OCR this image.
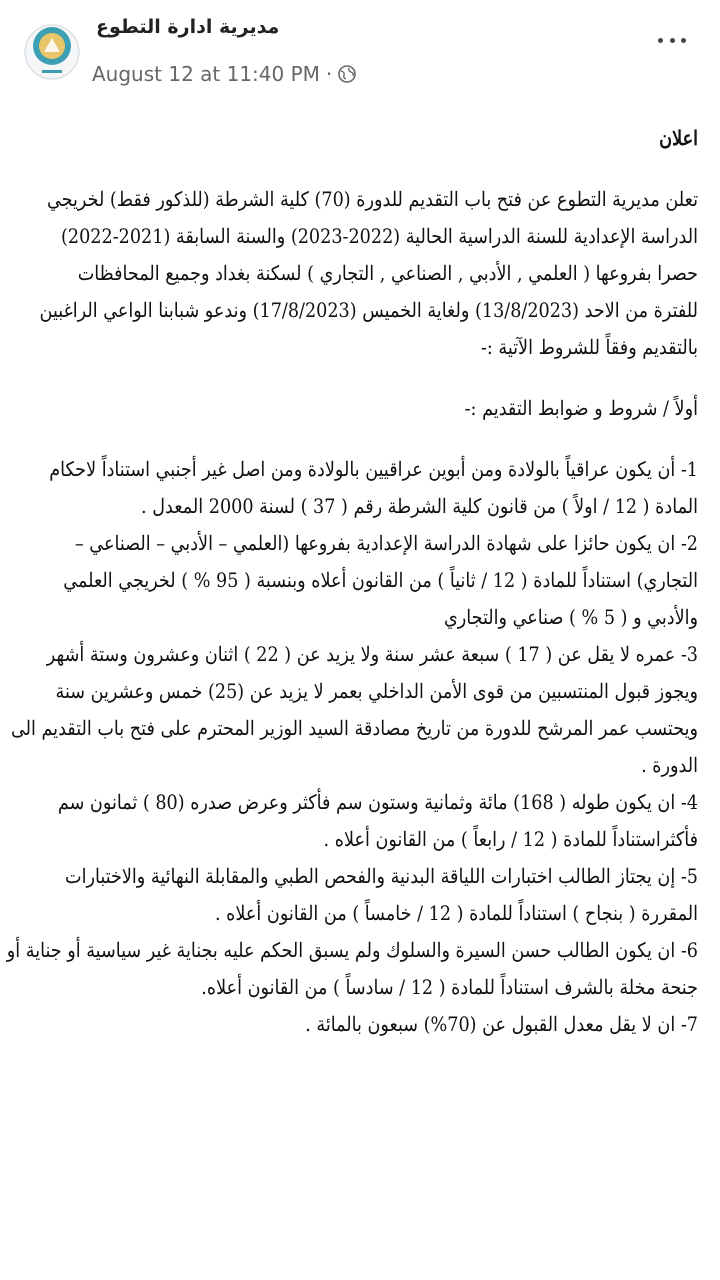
مديرية ادارة التطوع
August 12 at 11:40 PM ·
اعلان
تعلن مديرية التطوع عن فتح باب التقديم للدورة (70) كلية الشرطة (للذكور فقط) لخريجي
الدراسة الإعدادية للسنة الدراسية الحالية (2022-2023) والسنة السابقة (2021-2022)
حصرا بفروعها ( العلمي , الأدبي , الصناعي , التجاري ) لسكنة بغداد وجميع المحافظات
للفترة من الاحد (13/8/2023) ولغاية الخميس (17/8/2023) وندعو شبابنا الواعي الراغبين
بالتقديم وفقاً للشروط الآتية :-
أولاً / شروط و ضوابط التقديم :-
1- أن يكون عراقياً بالولادة ومن أبوين عراقيين بالولادة ومن اصل غير أجنبي استناداً لاحكام
المادة ( 12 / اولاً ) من قانون كلية الشرطة رقم ( 37 ) لسنة 2000 المعدل .
2- ان يكون حائزا على شهادة الدراسة الإعدادية بفروعها (العلمي – الأدبي – الصناعي –
التجاري) استناداً للمادة ( 12 / ثانياً ) من القانون أعلاه وبنسبة ( 95 % ) لخريجي العلمي
والأدبي و ( 5 % ) صناعي والتجاري
3- عمره لا يقل عن ( 17 ) سبعة عشر سنة ولا يزيد عن ( 22 ) اثنان وعشرون وستة أشهر
ويجوز قبول المنتسبين من قوى الأمن الداخلي بعمر لا يزيد عن (25) خمس وعشرين سنة
ويحتسب عمر المرشح للدورة من تاريخ مصادقة السيد الوزير المحترم على فتح باب التقديم الى
الدورة .
4- ان يكون طوله ( 168) مائة وثمانية وستون سم فأكثر وعرض صدره (80 ) ثمانون سم
فأكثراستناداً للمادة ( 12 / رابعاً ) من القانون أعلاه .
5- إن يجتاز الطالب اختبارات اللياقة البدنية والفحص الطبي والمقابلة النهائية والاختبارات
المقررة ( بنجاح ) استناداً للمادة ( 12 / خامساً ) من القانون أعلاه .
6- ان يكون الطالب حسن السيرة والسلوك ولم يسبق الحكم عليه بجناية غير سياسية أو جناية أو
جنحة مخلة بالشرف استناداً للمادة ( 12 / سادساً ) من القانون أعلاه.
7- ان لا يقل معدل القبول عن (70%) سبعون بالمائة .
